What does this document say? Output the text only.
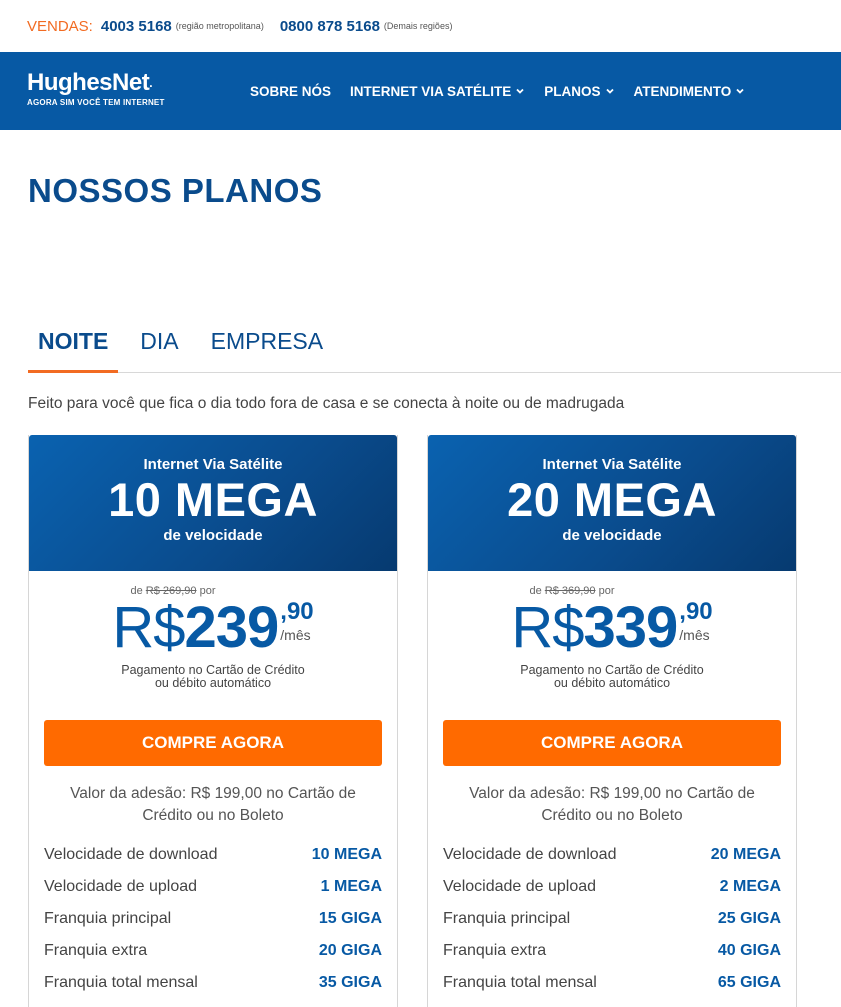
VENDAS: 4003 5168 (região metropolitana) 0800 878 5168 (Demais regiões)
HughesNet.
AGORA SIM VOCÊ TEM INTERNET
SOBRE NÓS INTERNET VIA SATÉLITE PLANOS ATENDIMENTO
NOSSOS PLANOS
NOITE	DIA	EMPRESA

Feito para você que fica o dia todo fora de casa e se conecta à noite ou de madrugada

Internet Via Satélite
10 MEGA
de velocidade
de R$ 269,90 por
R$ 239 ,90
/mês
Pagamento no Cartão de Crédito
ou débito automático
COMPRE AGORA
Valor da adesão: R$ 199,00 no Cartão de
Crédito ou no Boleto
Velocidade de download	10 MEGA
Velocidade de upload	1 MEGA
Franquia principal	15 GIGA
Franquia extra	20 GIGA
Franquia total mensal	35 GIGA
Internet Via Satélite
20 MEGA
de velocidade
de R$ 369,90 por
R$ 339 ,90
/mês
Pagamento no Cartão de Crédito
ou débito automático
COMPRE AGORA
Valor da adesão: R$ 199,00 no Cartão de
Crédito ou no Boleto
Velocidade de download	20 MEGA
Velocidade de upload	2 MEGA
Franquia principal	25 GIGA
Franquia extra	40 GIGA
Franquia total mensal	65 GIGA
